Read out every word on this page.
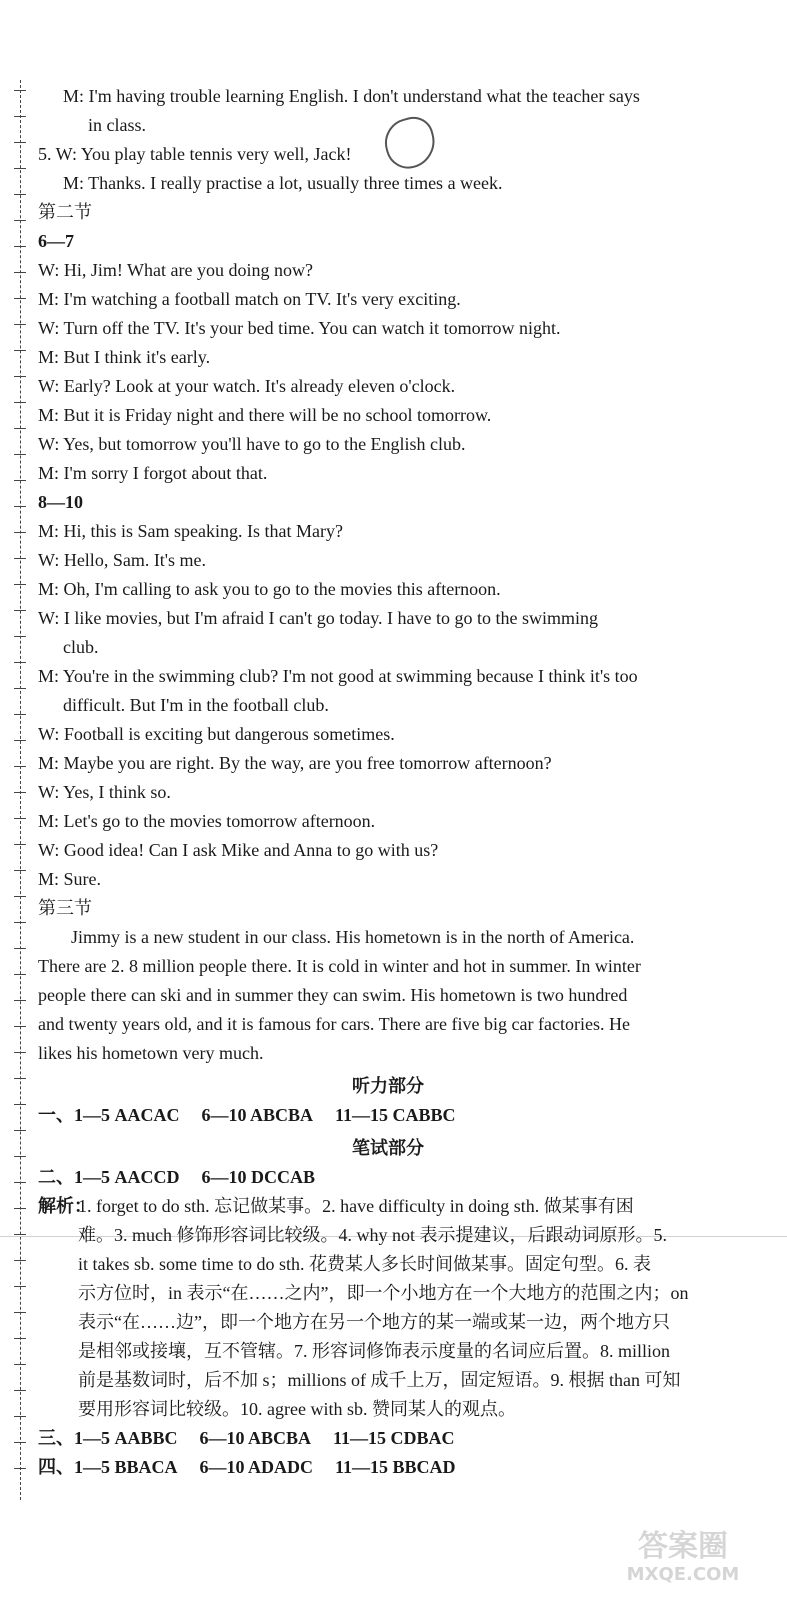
M: I'm having trouble learning English. I don't understand what the teacher says
in class.
5. W: You play table tennis very well, Jack!
M: Thanks. I really practise a lot, usually three times a week.
第二节
6—7
W: Hi, Jim! What are you doing now?
M: I'm watching a football match on TV. It's very exciting.
W: Turn off the TV. It's your bed time. You can watch it tomorrow night.
M: But I think it's early.
W: Early? Look at your watch. It's already eleven o'clock.
M: But it is Friday night and there will be no school tomorrow.
W: Yes, but tomorrow you'll have to go to the English club.
M: I'm sorry I forgot about that.
8—10
M: Hi, this is Sam speaking. Is that Mary?
W: Hello, Sam. It's me.
M: Oh, I'm calling to ask you to go to the movies this afternoon.
W: I like movies, but I'm afraid I can't go today. I have to go to the swimming
club.
M: You're in the swimming club? I'm not good at swimming because I think it's too
difficult. But I'm in the football club.
W: Football is exciting but dangerous sometimes.
M: Maybe you are right. By the way, are you free tomorrow afternoon?
W: Yes, I think so.
M: Let's go to the movies tomorrow afternoon.
W: Good idea! Can I ask Mike and Anna to go with us?
M: Sure.
第三节
Jimmy is a new student in our class. His hometown is in the north of America.
There are 2. 8 million people there. It is cold in winter and hot in summer. In winter
people there can ski and in summer they can swim. His hometown is two hundred
and twenty years old, and it is famous for cars. There are five big car factories. He
likes his hometown very much.
听力部分
一、1—5 AACAC 6—10 ABCBA 11—15 CABBC
笔试部分
二、1—5 AACCD 6—10 DCCAB
解析：
1. forget to do sth. 忘记做某事。2. have difficulty in doing sth. 做某事有困
难。3. much 修饰形容词比较级。4. why not 表示提建议，后跟动词原形。5.
it takes sb. some time to do sth. 花费某人多长时间做某事。固定句型。6. 表
示方位时，in 表示“在……之内”，即一个小地方在一个大地方的范围之内；on
表示“在……边”，即一个地方在另一个地方的某一端或某一边，两个地方只
是相邻或接壤，互不管辖。7. 形容词修饰表示度量的名词应后置。8. million
前是基数词时，后不加 s；millions of 成千上万，固定短语。9. 根据 than 可知
要用形容词比较级。10. agree with sb. 赞同某人的观点。
三、1—5 AABBC 6—10 ABCBA 11—15 CDBAC
四、1—5 BBACA 6—10 ADADC 11—15 BBCAD
答案圈
MXQE.COM
